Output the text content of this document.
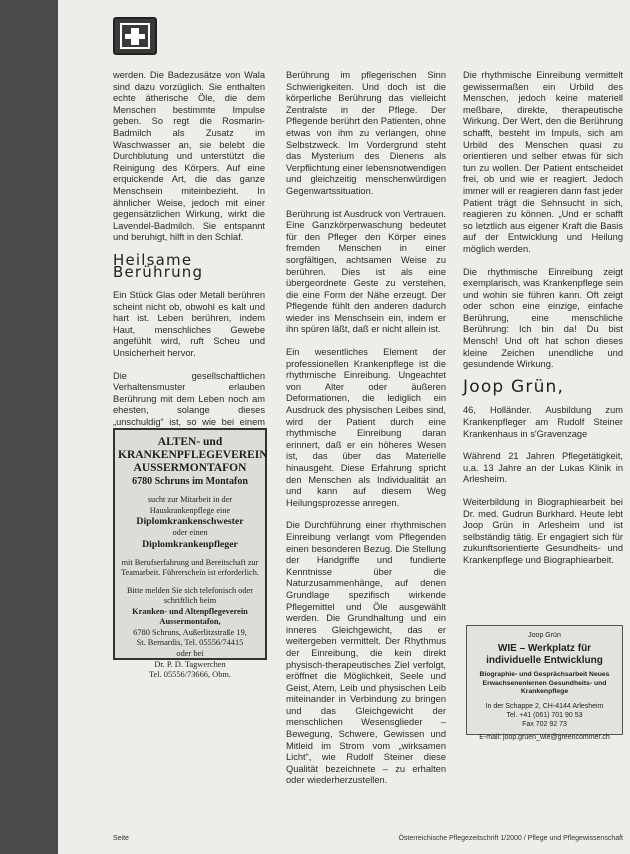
werden. Die Badezusätze von Wala sind dazu vorzüglich. Sie enthalten echte ätherische Öle, die dem Menschen bestimmte Impulse geben. So regt die Rosmarin-Badmilch als Zusatz im Waschwasser an, sie belebt die Durchblutung und unterstützt die Reinigung des Körpers. Auf eine erquickende Art, die das ganze Menschsein miteinbezieht. In ähnlicher Weise, jedoch mit einer gegensätzlichen Wirkung, wirkt die Lavendel-Badmilch. Sie entspannt und beruhigt, hilft in den Schlaf.

Heilsame Berührung

Ein Stück Glas oder Metall berühren scheint nicht ob, obwohl es kalt und hart ist. Leben berühren, indem Haut, menschliches Gewebe angefühlt wird, ruft Scheu und Unsicherheit hervor.

Die gesellschaftlichen Verhaltensmuster erlauben Berührung mit dem Leben noch am ehesten, solange dieses „unschuldig“ ist, so wie bei einem

ALTEN- und KRANKENPFLEGEVEREIN
AUSSERMONTAFON
6780 Schruns im Montafon
sucht zur Mitarbeit in der Hauskrankenpflege eine
Diplomkrankenschwester
oder einen
Diplomkrankenpfleger
mit Berufserfahrung und Bereitschaft zur Teamarbeit. Führerschein ist erforderlich.
Bitte melden Sie sich telefonisch oder schriftlich beim
Kranken- und Altenpflegeverein Aussermontafon,
6780 Schruns, Außerlitzstraße 19,
St. Bernardis, Tel. 05556/74415
oder bei
Dr. P. D. Tagwerchen
Tel. 05556/73666, Obm.

Berührung im pflegerischen Sinn Schwierigkeiten. Und doch ist die körperliche Berührung das vielleicht Zentralste in der Pflege. Der Pflegende berührt den Patienten, ohne etwas von ihm zu verlangen, ohne Selbstzweck. Im Vordergrund steht das Mysterium des Dienens als Verpflichtung einer lebensnotwendigen und gleichzeitig menschenwürdigen Gegenwartssituation.

Berührung ist Ausdruck von Vertrauen. Eine Ganzkörperwaschung bedeutet für den Pfleger den Körper eines fremden Menschen in einer sorgfältigen, achtsamen Weise zu berühren. Dies ist als eine übergeordnete Geste zu verstehen, die eine Form der Nähe erzeugt. Der Pflegende fühlt den anderen dadurch wieder ins Menschsein ein, indem er ihn spüren läßt, daß er nicht allein ist.

Ein wesentliches Element der professionellen Krankenpflege ist die rhythmische Einreibung. Ungeachtet von Alter oder äußeren Deformationen, die lediglich ein Ausdruck des physischen Leibes sind, wird der Patient durch eine rhythmische Einreibung daran erinnert, daß er ein höheres Wesen ist, das über das Materielle hinausgeht. Diese Erfahrung spricht den Menschen als Individualität an und kann auf diesem Weg Heilungsprozesse anregen.

Die Durchführung einer rhythmischen Einreibung verlangt vom Pflegenden einen besonderen Bezug. Die Stellung der Handgriffe und fundierte Kenntnisse über die Naturzusammenhänge, auf denen Grundlage spezifisch wirkende Pflegemittel und Öle ausgewählt werden. Die Grundhaltung und ein inneres Gleichgewicht, das er weitergeben vermittelt. Der Rhythmus der Einreibung, die kein direkt physisch-therapeutisches Ziel verfolgt, eröffnet die Möglichkeit, Seele und Geist, Atem, Leib und physischen Leib miteinander in Verbindung zu bringen und das Gleichgewicht der menschlichen Wesensglieder – Bewegung, Schwere, Gewissen und Mitleid im Strom vom „wirksamen Licht“, wie Rudolf Steiner diese Qualität bezeichnete – zu erhalten oder wiederherzustellen.

Die rhythmische Einreibung vermittelt gewissermaßen ein Urbild des Menschen, jedoch keine materiell meßbare, direkte, therapeutische Wirkung. Der Wert, den die Berührung schafft, besteht im Impuls, sich am Urbild des Menschen quasi zu orientieren und selber etwas für sich tun zu wollen. Der Patient entscheidet frei, ob und wie er reagiert. Jedoch immer will er reagieren dann fast jeder Patient trägt die Sehnsucht in sich, reagieren zu können. „Und er schafft so letztlich aus eigener Kraft die Basis auf der Entwicklung und Heilung möglich werden.

Die rhythmische Einreibung zeigt exemplarisch, was Krankenpflege sein und wohin sie führen kann. Oft zeigt oder schon eine einzige, einfache Berührung, eine menschliche Berührung: Ich bin da! Du bist Mensch! Und oft hat schon dieses kleine Zeichen unendliche und gesundende Wirkung.

Joop Grün,

46, Holländer. Ausbildung zum Krankenpfleger am Rudolf Steiner Krankenhaus in s'Gravenzage

Während 21 Jahren Pflegetätigkeit, u.a. 13 Jahre an der Lukas Klinik in Arlesheim.

Weiterbildung in Biographiearbeit bei Dr. med. Gudrun Burkhard. Heute lebt Joop Grün in Arlesheim und ist selbständig tätig. Er engagiert sich für zukunftsorientierte Gesundheits- und Krankenpflege und Biographiearbeit.

Joop Grün
WIE – Werkplatz für individuelle Entwicklung
Biographie- und Gesprächsarbeit Neues Erwachsenenlernen Gesundheits- und Krankenpflege
In der Schappe 2, CH-4144 Arlesheim
Tel. +41 (061) 701 90 53
Fax 702 92 73
E-mail: joop.gruen_wie@greencommer.ch
Seite	Österreichische Pflegezeitschrift 1/2000 / Pflege und Pflegewissenschaft
